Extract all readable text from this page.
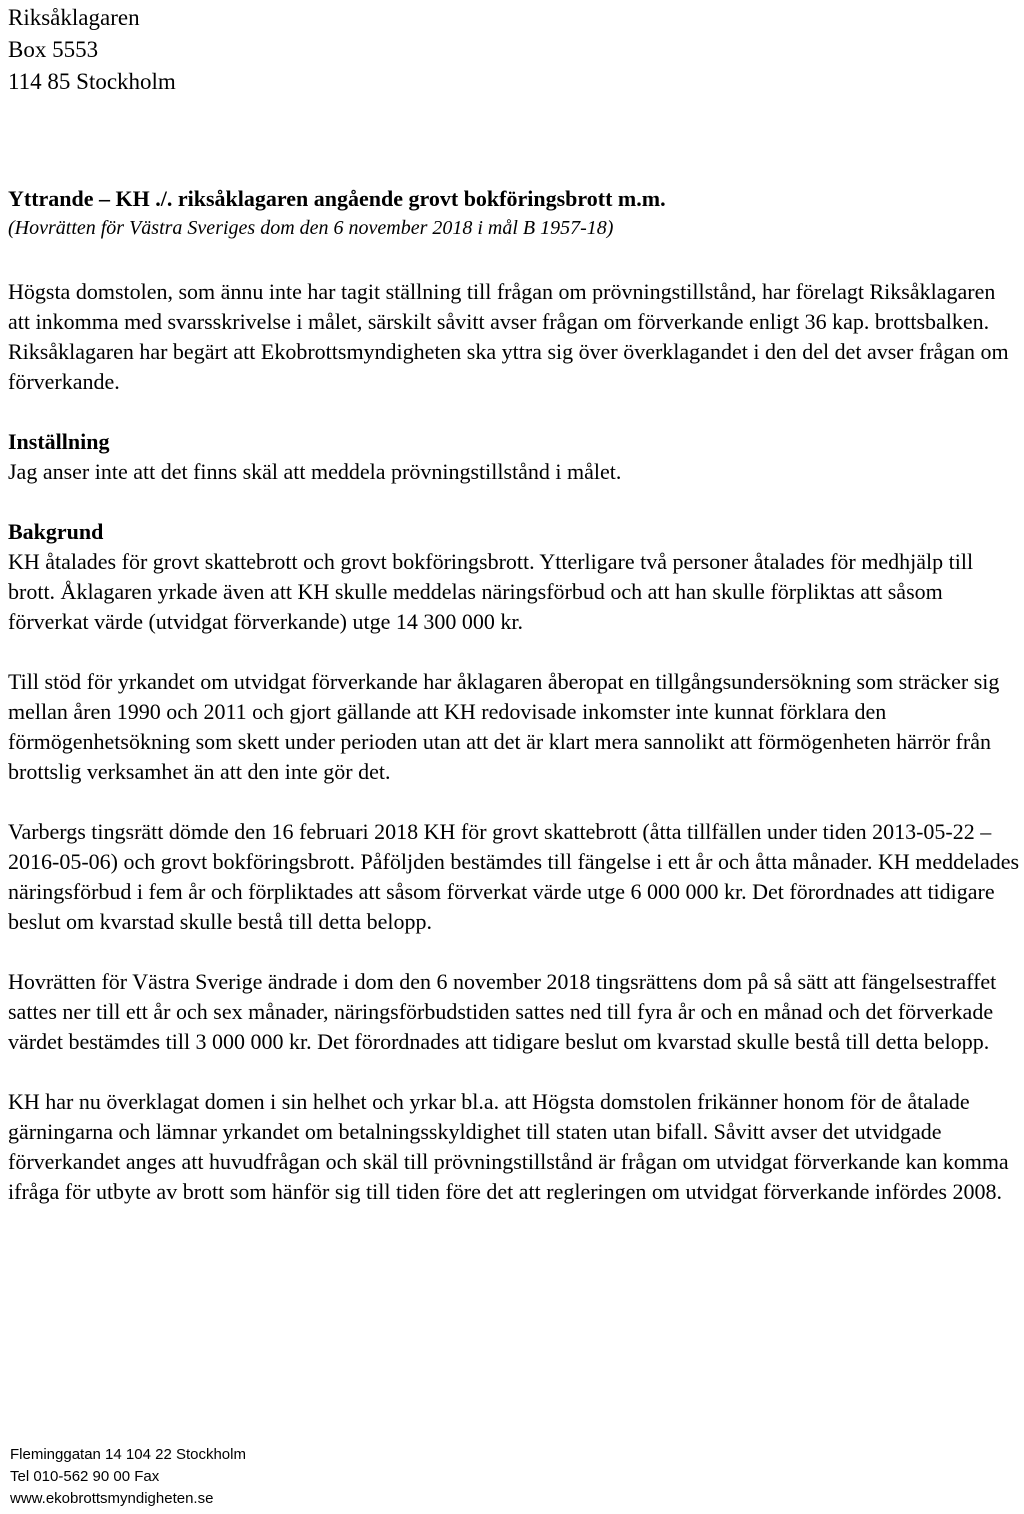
Riksåklagaren
Box 5553
114 85 Stockholm
Yttrande – KH ./. riksåklagaren angående grovt bokföringsbrott m.m.
(Hovrätten för Västra Sveriges dom den 6 november 2018 i mål B 1957-18)

Högsta domstolen, som ännu inte har tagit ställning till frågan om prövningstillstånd, har förelagt Riksåklagaren att inkomma med svarsskrivelse i målet, särskilt såvitt avser frågan om förverkande enligt 36 kap. brottsbalken. Riksåklagaren har begärt att Ekobrottsmyndigheten ska yttra sig över överklagandet i den del det avser frågan om förverkande.

Inställning

Jag anser inte att det finns skäl att meddela prövningstillstånd i målet.

Bakgrund

KH åtalades för grovt skattebrott och grovt bokföringsbrott. Ytterligare två personer åtalades för medhjälp till brott. Åklagaren yrkade även att KH skulle meddelas näringsförbud och att han skulle förpliktas att såsom förverkat värde (utvidgat förverkande) utge 14 300 000 kr.

Till stöd för yrkandet om utvidgat förverkande har åklagaren åberopat en tillgångsundersökning som sträcker sig mellan åren 1990 och 2011 och gjort gällande att KH redovisade inkomster inte kunnat förklara den förmögenhetsökning som skett under perioden utan att det är klart mera sannolikt att förmögenheten härrör från brottslig verksamhet än att den inte gör det.

Varbergs tingsrätt dömde den 16 februari 2018 KH för grovt skattebrott (åtta tillfällen under tiden 2013-05-22 – 2016-05-06) och grovt bokföringsbrott. Påföljden bestämdes till fängelse i ett år och åtta månader. KH meddelades näringsförbud i fem år och förpliktades att såsom förverkat värde utge 6 000 000 kr. Det förordnades att tidigare beslut om kvarstad skulle bestå till detta belopp.

Hovrätten för Västra Sverige ändrade i dom den 6 november 2018 tingsrättens dom på så sätt att fängelsestraffet sattes ner till ett år och sex månader, näringsförbudstiden sattes ned till fyra år och en månad och det förverkade värdet bestämdes till 3 000 000 kr. Det förordnades att tidigare beslut om kvarstad skulle bestå till detta belopp.

KH har nu överklagat domen i sin helhet och yrkar bl.a. att Högsta domstolen frikänner honom för de åtalade gärningarna och lämnar yrkandet om betalningsskyldighet till staten utan bifall. Såvitt avser det utvidgade förverkandet anges att huvudfrågan och skäl till prövningstillstånd är frågan om utvidgat förverkande kan komma ifråga för utbyte av brott som hänför sig till tiden före det att regleringen om utvidgat förverkande infördes 2008.

Fleminggatan 14 104 22 Stockholm
Tel 010-562 90 00 Fax
www.ekobrottsmyndigheten.se
